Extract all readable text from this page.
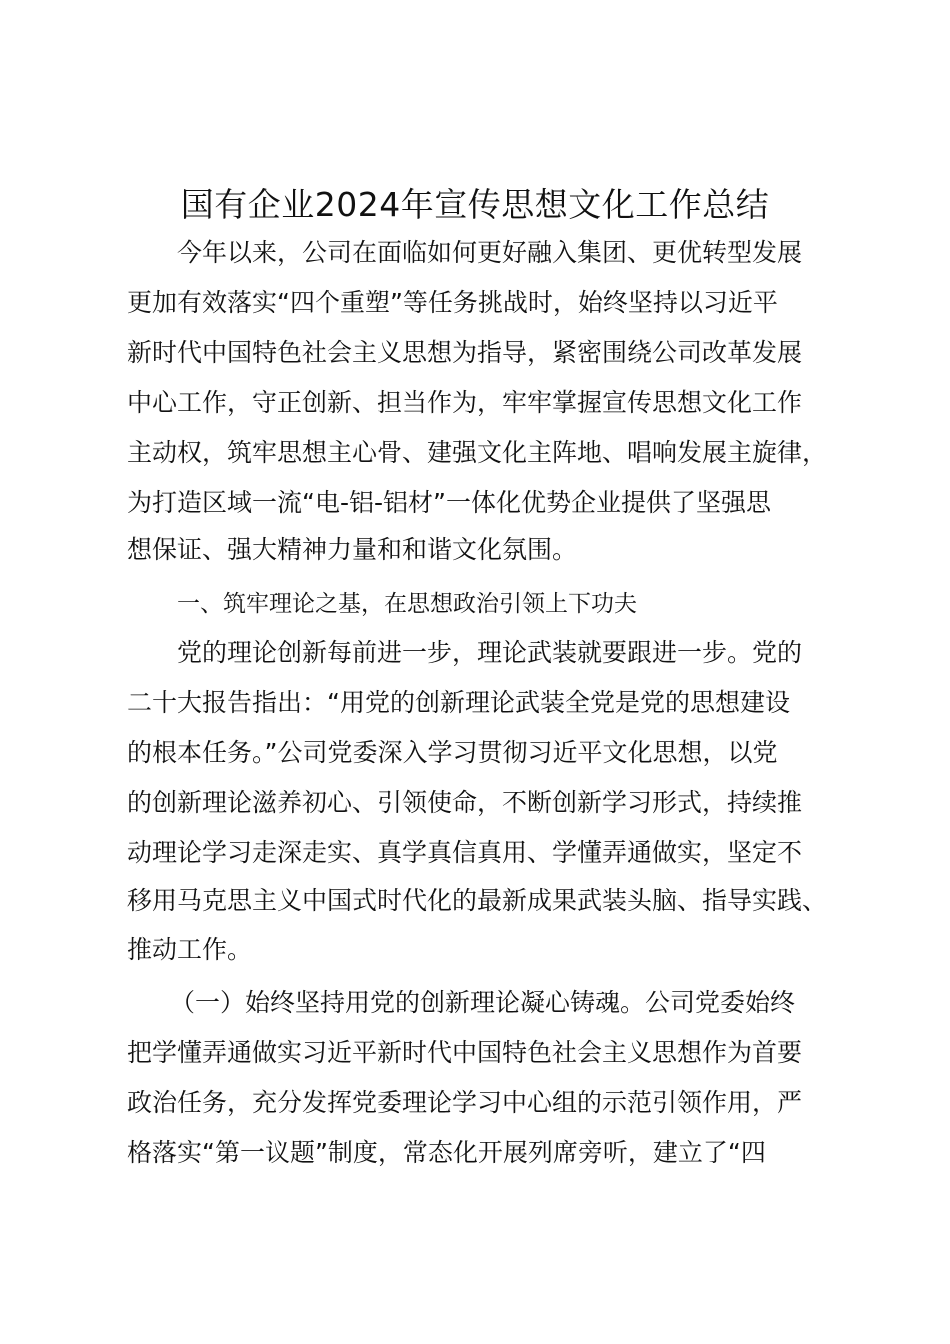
国有企业2024年宣传思想文化工作总结
今年以来，公司在面临如何更好融入集团、更优转型发展
更加有效落实“四个重塑”等任务挑战时，始终坚持以习近平
新时代中国特色社会主义思想为指导，紧密围绕公司改革发展
中心工作，守正创新、担当作为，牢牢掌握宣传思想文化工作
主动权，筑牢思想主心骨、建强文化主阵地、唱响发展主旋律，
为打造区域一流“电-铝-铝材”一体化优势企业提供了坚强思
想保证、强大精神力量和和谐文化氛围。
一、筑牢理论之基，在思想政治引领上下功夫
党的理论创新每前进一步，理论武装就要跟进一步。党的
二十大报告指出：“用党的创新理论武装全党是党的思想建设
的根本任务。”公司党委深入学习贯彻习近平文化思想，以党
的创新理论滋养初心、引领使命，不断创新学习形式，持续推
动理论学习走深走实、真学真信真用、学懂弄通做实，坚定不
移用马克思主义中国式时代化的最新成果武装头脑、指导实践、
推动工作。
（一）始终坚持用党的创新理论凝心铸魂。公司党委始终
把学懂弄通做实习近平新时代中国特色社会主义思想作为首要
政治任务，充分发挥党委理论学习中心组的示范引领作用，严
格落实“第一议题”制度，常态化开展列席旁听，建立了“四
